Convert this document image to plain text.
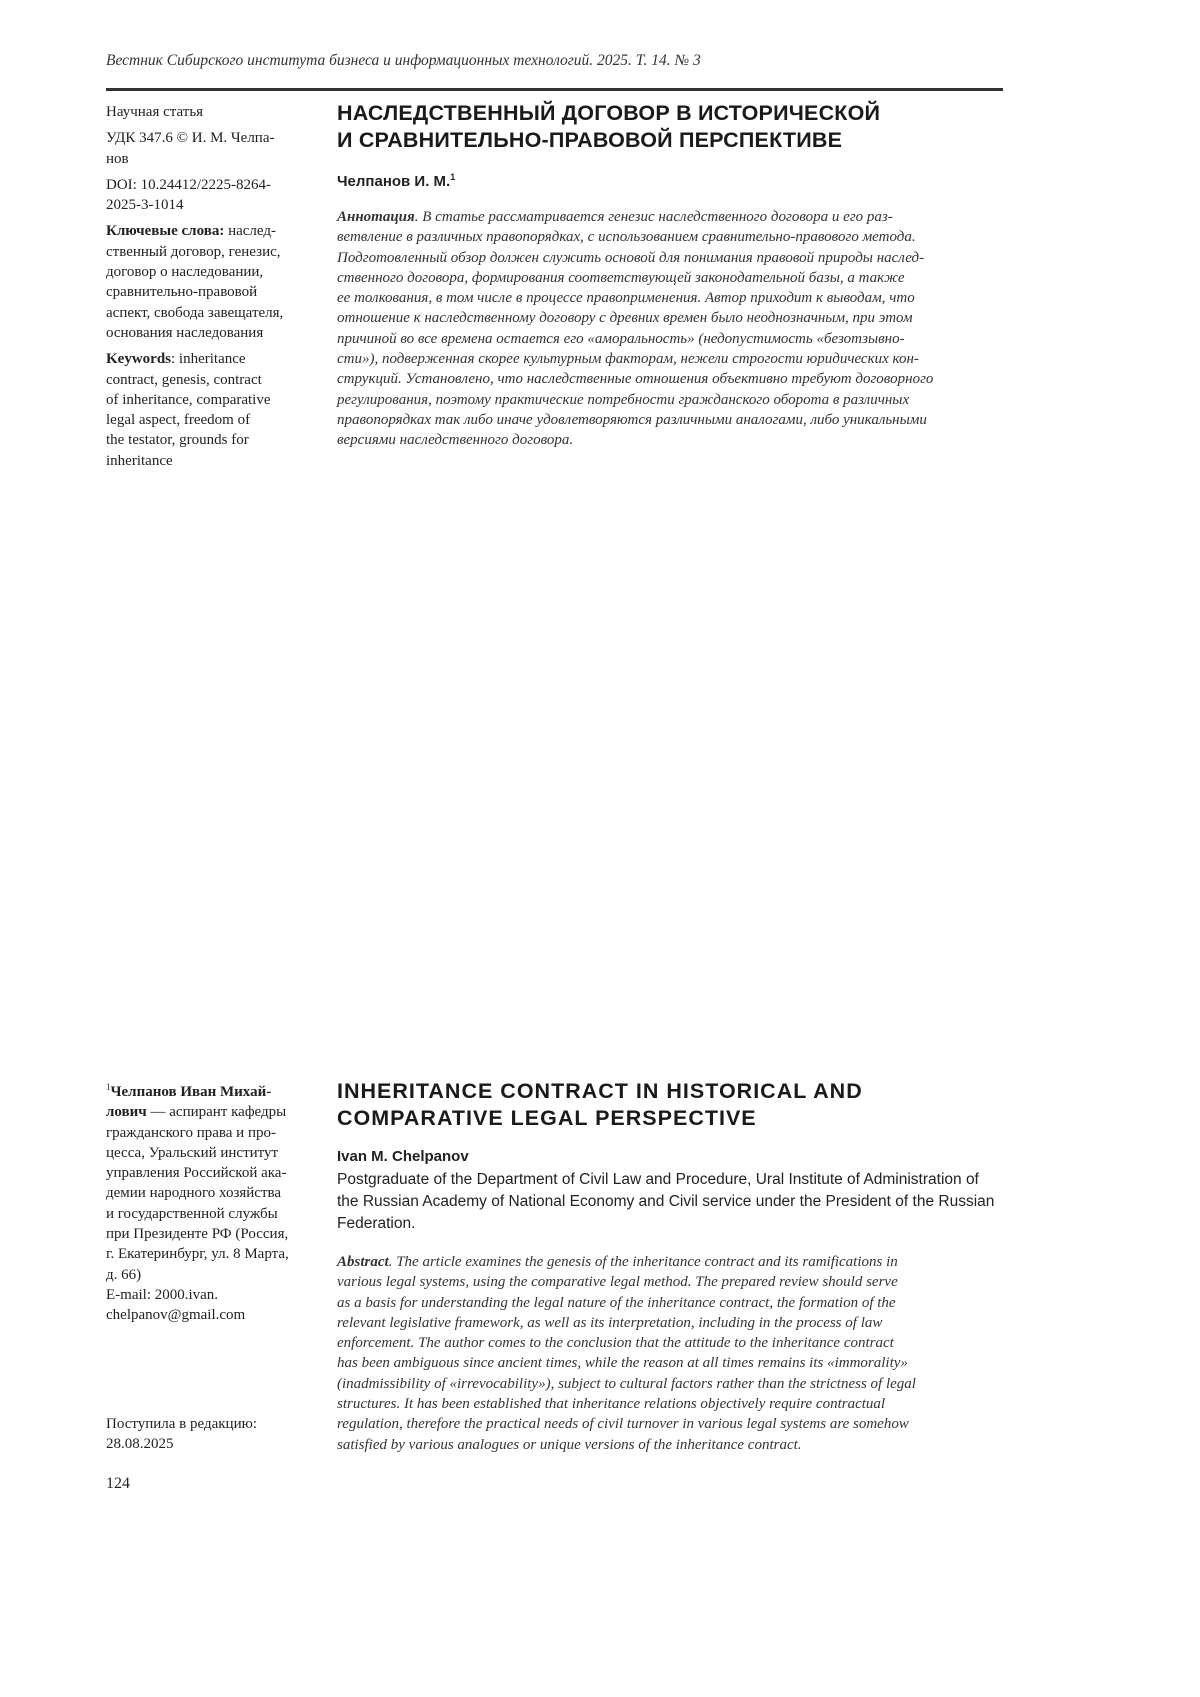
Вестник Сибирского института бизнеса и информационных технологий. 2025. Т. 14. № 3
Научная статья
УДК 347.6 © И. М. Челпа-
нов
DOI: 10.24412/2225-8264-
2025-3-1014
Ключевые слова: наслед-
ственный договор, генезис,
договор о наследовании,
сравнительно-правовой
аспект, свобода завещателя,
основания наследования
Keywords: inheritance
contract, genesis, contract
of inheritance, comparative
legal aspect, freedom of
the testator, grounds for
inheritance
НАСЛЕДСТВЕННЫЙ ДОГОВОР В ИСТОРИЧЕСКОЙ
И СРАВНИТЕЛЬНО-ПРАВОВОЙ ПЕРСПЕКТИВЕ
Челпанов И. М.1
Аннотация. В статье рассматривается генезис наследственного договора и его раз-
ветвление в различных правопорядках, с использованием сравнительно-правового метода.
Подготовленный обзор должен служить основой для понимания правовой природы наслед-
ственного договора, формирования соответствующей законодательной базы, а также
ее толкования, в том числе в процессе правоприменения. Автор приходит к выводам, что
отношение к наследственному договору с древних времен было неоднозначным, при этом
причиной во все времена остается его «аморальность» (недопустимость «безотзывно-
сти»), подверженная скорее культурным факторам, нежели строгости юридических кон-
струкций. Установлено, что наследственные отношения объективно требуют договорного
регулирования, поэтому практические потребности гражданского оборота в различных
правопорядках так либо иначе удовлетворяются различными аналогами, либо уникальными
версиями наследственного договора.
1Челпанов Иван Михай-
лович — аспирант кафедры
гражданского права и про-
цесса, Уральский институт
управления Российской ака-
демии народного хозяйства
и государственной службы
при Президенте РФ (Россия,
г. Екатеринбург, ул. 8 Марта,
д. 66)
E-mail: 2000.ivan.
chelpanov@gmail.com
Поступила в редакцию:
28.08.2025
INHERITANCE CONTRACT IN HISTORICAL AND
COMPARATIVE LEGAL PERSPECTIVE
Ivan M. Chelpanov
Postgraduate of the Department of Civil Law and Procedure, Ural Institute of Administration of
the Russian Academy of National Economy and Civil service under the President of the Russian
Federation.
Abstract. The article examines the genesis of the inheritance contract and its ramifications in
various legal systems, using the comparative legal method. The prepared review should serve
as a basis for understanding the legal nature of the inheritance contract, the formation of the
relevant legislative framework, as well as its interpretation, including in the process of law
enforcement. The author comes to the conclusion that the attitude to the inheritance contract
has been ambiguous since ancient times, while the reason at all times remains its «immorality»
(inadmissibility of «irrevocability»), subject to cultural factors rather than the strictness of legal
structures. It has been established that inheritance relations objectively require contractual
regulation, therefore the practical needs of civil turnover in various legal systems are somehow
satisfied by various analogues or unique versions of the inheritance contract.
124
